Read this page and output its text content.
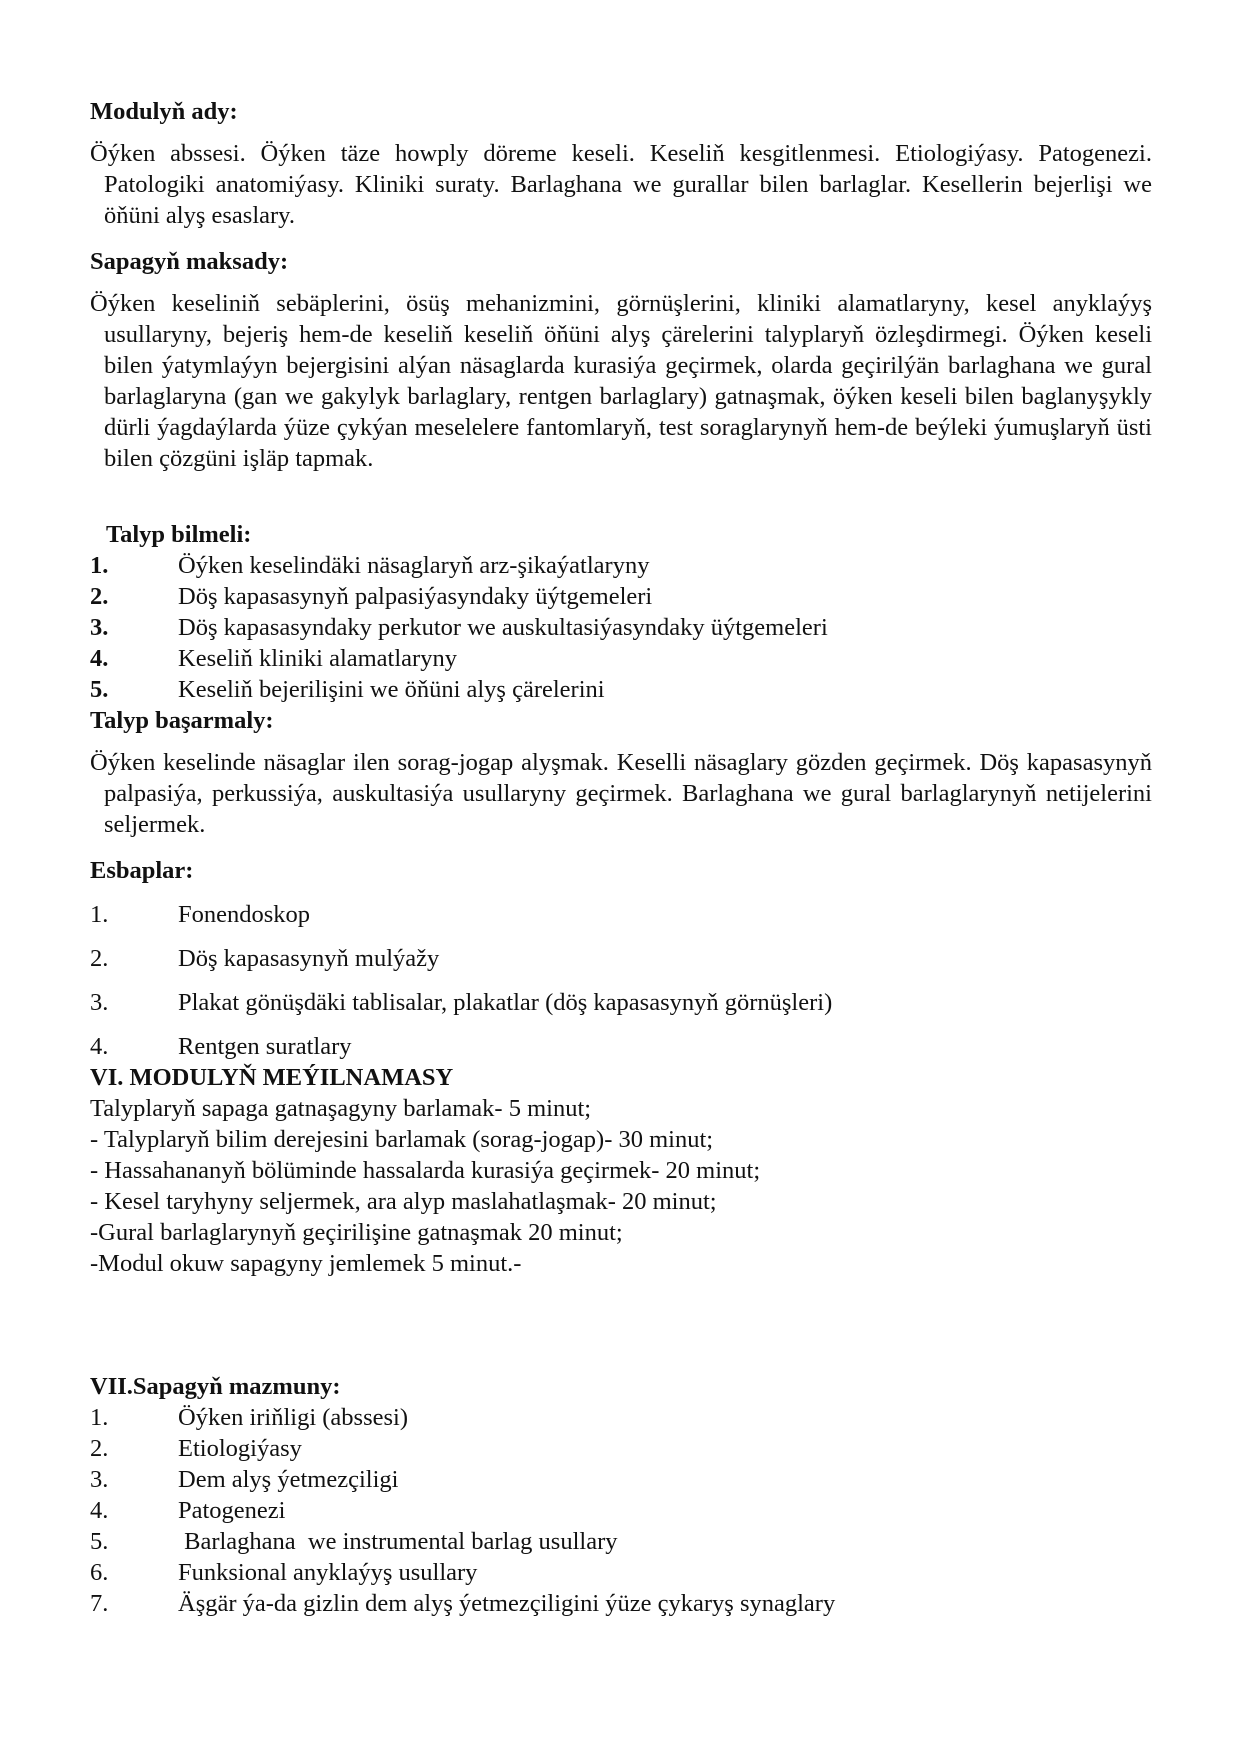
Modulyň ady:
Öýken abssesi. Öýken täze howply döreme keseli. Keseliň kesgitlenmesi. Etiologiýasy. Patogenezi. Patologiki anatomiýasy. Kliniki suraty. Barlaghana we gurallar bilen barlaglar. Kesellerin bejerlişi we öňüni alyş esaslary.
Sapagyň maksady:
Öýken keseliniň sebäplerini, ösüş mehanizmini, görnüşlerini, kliniki alamatlaryny, kesel anyklaýyş usullaryny, bejeriş hem-de keseliň keseliň öňüni alyş çärelerini talyplaryň özleşdirmegi. Öýken keseli bilen ýatymlaýyn bejergisini alýan näsaglarda kurasiýa geçirmek, olarda geçirilýän barlaghana we gural barlaglaryna (gan we gakylyk barlaglary, rentgen barlaglary) gatnaşmak, öýken keseli bilen baglanyşykly dürli ýagdaýlarda ýüze çykýan meselelere fantomlaryň, test soraglarynyň hem-de beýleki ýumuşlaryň üsti bilen çözgüni işläp tapmak.
Talyp bilmeli:
1.	Öýken keselindäki näsaglaryň arz-şikaýatlaryny
2.	Döş kapasasynyň palpasiýasyndaky üýtgemeleri
3.	Döş kapasasyndaky perkutor we auskultasiýasyndaky üýtgemeleri
4.	Keseliň kliniki alamatlaryny
5.	Keseliň bejerilişini we öňüni alyş çärelerini
Talyp başarmaly:
Öýken keselinde näsaglar ilen sorag-jogap alyşmak. Keselli näsaglary gözden geçirmek. Döş kapasasynyň palpasiýa, perkussiýa, auskultasiýa usullaryny geçirmek. Barlaghana we gural barlaglarynyň netijelerini seljermek.
Esbaplar:
1.	Fonendoskop
2.	Döş kapasasynyň mulýažy
3.	Plakat gönüşdäki tablisalar, plakatlar (döş kapasasynyň görnüşleri)
4.	Rentgen suratlary
VI. MODULYŇ MEÝILNAMASY
Talyplaryň sapaga gatnaşagyny barlamak- 5 minut;
- Talyplaryň bilim derejesini barlamak (sorag-jogap)- 30 minut;
- Hassahananyň bölüminde hassalarda kurasiýa geçirmek- 20 minut;
- Kesel taryhyny seljermek, ara alyp maslahatlaşmak- 20 minut;
-Gural barlaglarynyň geçirilişine gatnaşmak 20 minut;
-Modul okuw sapagyny jemlemek 5 minut.-
VII.Sapagyň mazmuny:
1.	Öýken iriňligi (abssesi)
2.	Etiologiýasy
3.	Dem alyş ýetmezçiligi
4.	Patogenezi
5.	Barlaghana  we instrumental barlag usullary
6.	Funksional anyklaýyş usullary
7.	Äşgär ýa-da gizlin dem alyş ýetmezçiligini ýüze çykaryş synaglary
